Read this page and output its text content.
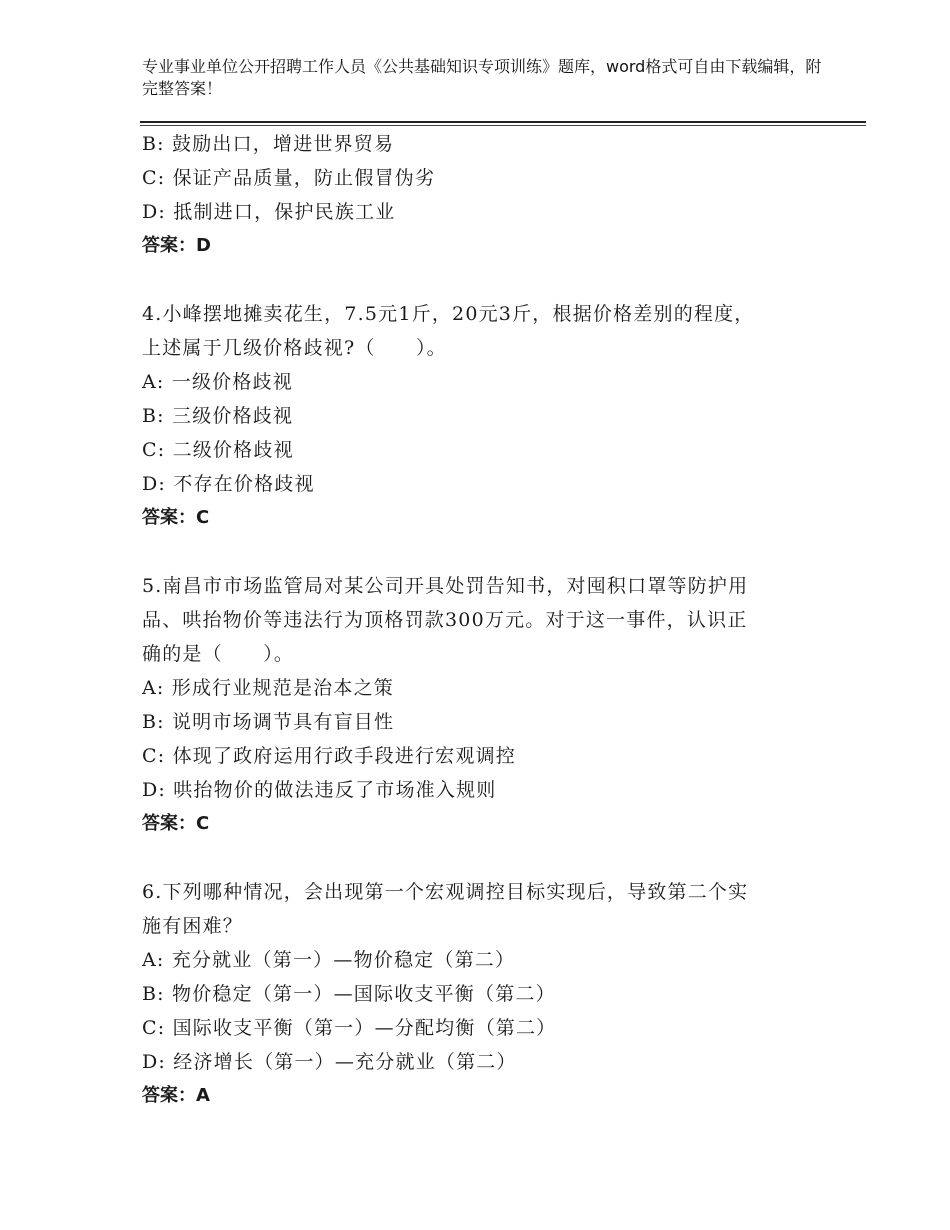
专业事业单位公开招聘工作人员《公共基础知识专项训练》题库，word格式可自由下载编辑，附完整答案！
B: 鼓励出口，增进世界贸易
C: 保证产品质量，防止假冒伪劣
D: 抵制进口，保护民族工业
答案：D
4.小峰摆地摊卖花生，7.5元1斤，20元3斤，根据价格差别的程度，
上述属于几级价格歧视?（　　）。
A: 一级价格歧视
B: 三级价格歧视
C: 二级价格歧视
D: 不存在价格歧视
答案：C
5.南昌市市场监管局对某公司开具处罚告知书，对囤积口罩等防护用
品、哄抬物价等违法行为顶格罚款300万元。对于这一事件，认识正
确的是（　　）。
A: 形成行业规范是治本之策
B: 说明市场调节具有盲目性
C: 体现了政府运用行政手段进行宏观调控
D: 哄抬物价的做法违反了市场准入规则
答案：C
6.下列哪种情况，会出现第一个宏观调控目标实现后，导致第二个实
施有困难？
A: 充分就业（第一）—物价稳定（第二）
B: 物价稳定（第一）—国际收支平衡（第二）
C: 国际收支平衡（第一）—分配均衡（第二）
D: 经济增长（第一）—充分就业（第二）
答案：A
